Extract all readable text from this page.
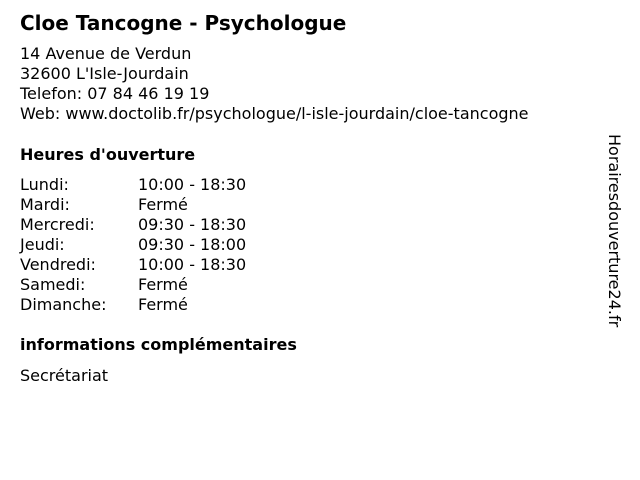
Cloe Tancogne - Psychologue
14 Avenue de Verdun
32600 L'Isle-Jourdain
Telefon: 07 84 46 19 19
Web: www.doctolib.fr/psychologue/l-isle-jourdain/cloe-tancogne
Heures d'ouverture
Lundi:	10:00 - 18:30
Mardi:	Fermé
Mercredi:	09:30 - 18:30
Jeudi:	09:30 - 18:00
Vendredi:	10:00 - 18:30
Samedi:	Fermé
Dimanche:	Fermé
informations complémentaires
Secrétariat
Horairesdouverture24.fr
